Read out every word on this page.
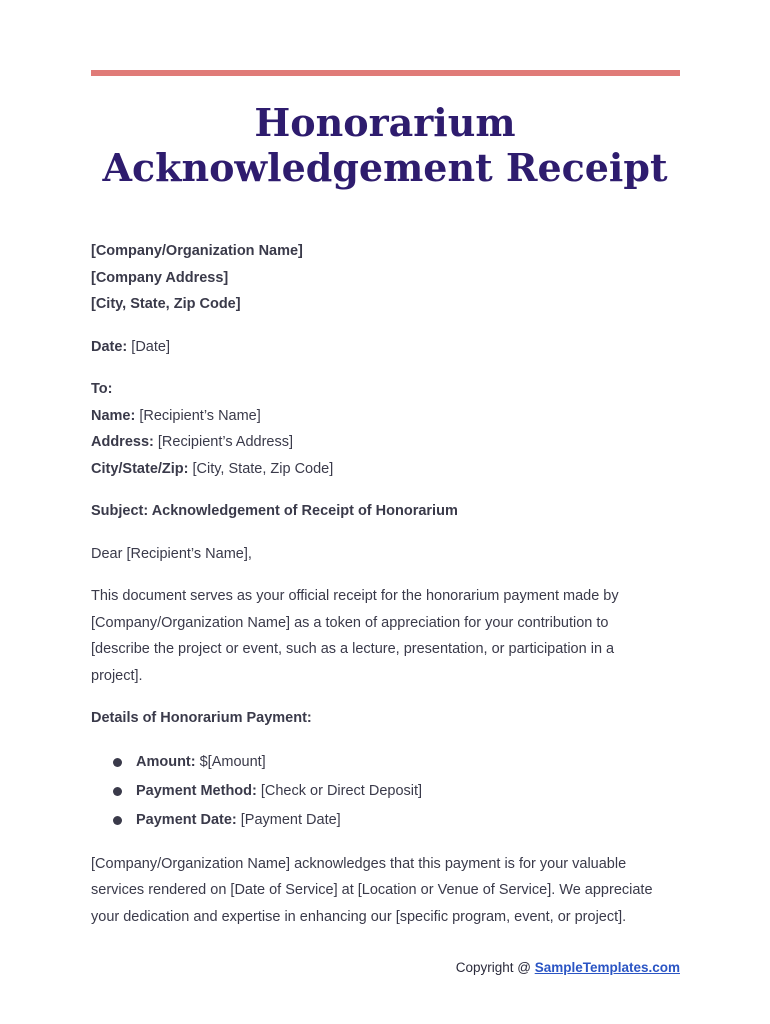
Honorarium
Acknowledgement Receipt

[Company/Organization Name]

[Company Address]

[City, State, Zip Code]

Date: [Date]

To:

Name: [Recipient’s Name]

Address: [Recipient’s Address]

City/State/Zip: [City, State, Zip Code]

Subject: Acknowledgement of Receipt of Honorarium

Dear [Recipient’s Name],

This document serves as your official receipt for the honorarium payment made by

[Company/Organization Name] as a token of appreciation for your contribution to

[describe the project or event, such as a lecture, presentation, or participation in a

project].

Details of Honorarium Payment:

Amount: $[Amount]
Payment Method: [Check or Direct Deposit]
Payment Date: [Payment Date]

[Company/Organization Name] acknowledges that this payment is for your valuable

services rendered on [Date of Service] at [Location or Venue of Service]. We appreciate

your dedication and expertise in enhancing our [specific program, event, or project].

Copyright @ SampleTemplates.com
